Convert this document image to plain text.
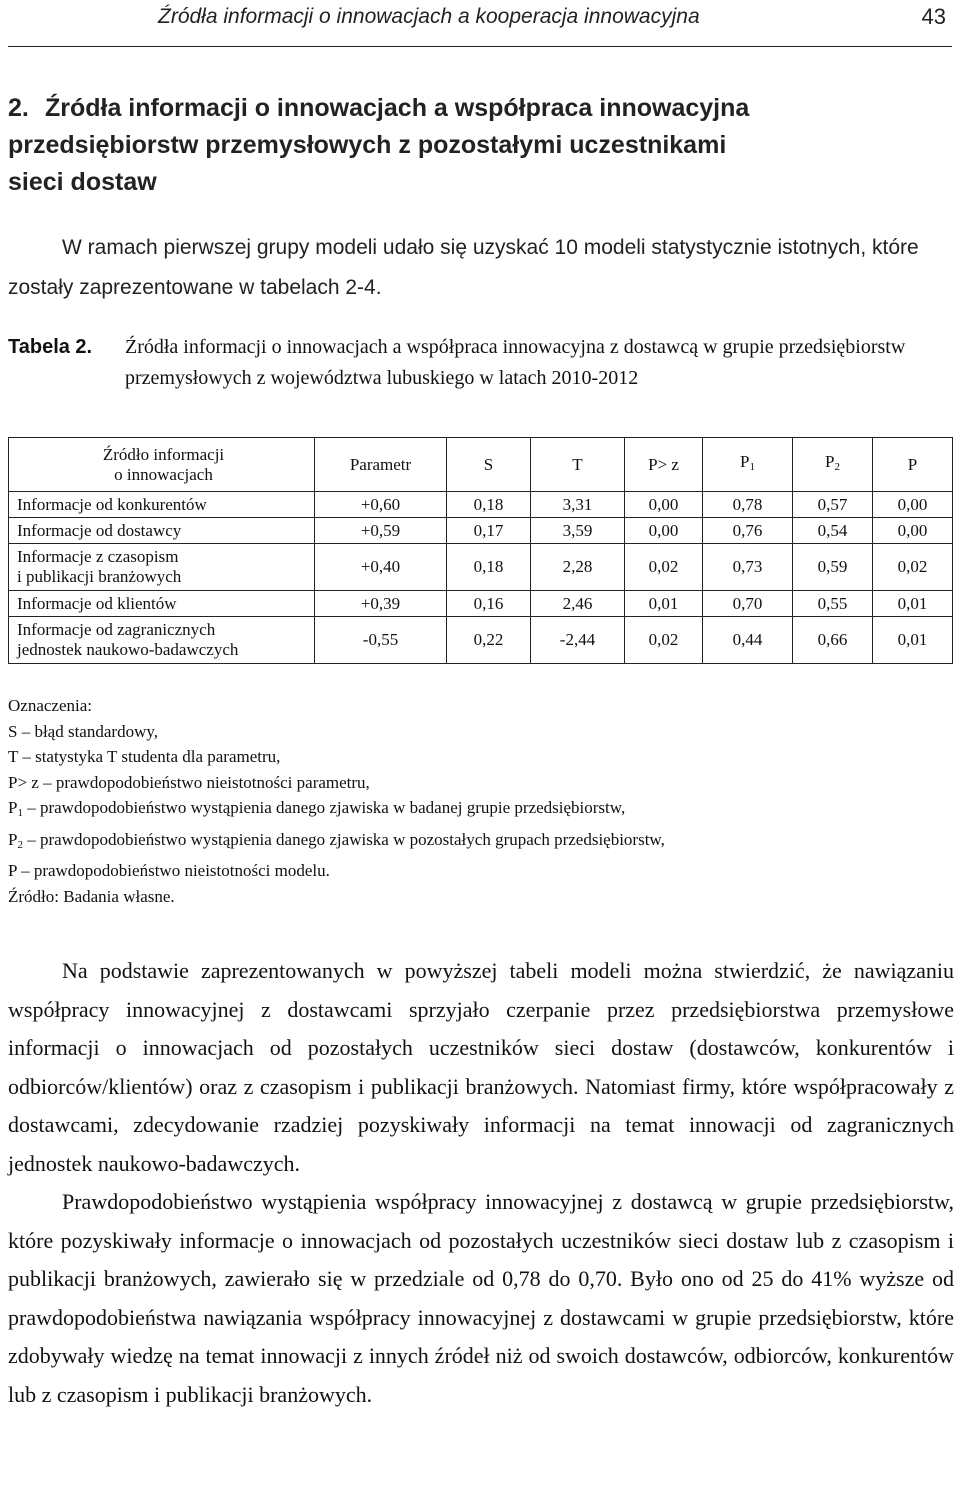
Źródła informacji o innowacjach a kooperacja innowacyjna	43
2. Źródła informacji o innowacjach a współpraca innowacyjna
przedsiębiorstw przemysłowych z pozostałymi uczestnikami
sieci dostaw
W ramach pierwszej grupy modeli udało się uzyskać 10 modeli statystycznie istotnych, które zostały zaprezentowane w tabelach 2-4.
Tabela 2. Źródła informacji o innowacjach a współpraca innowacyjna z dostawcą w grupie przedsiębiorstw przemysłowych z województwa lubuskiego w latach 2010-2012
Źródło informacji
o innowacjach	Parametr	S	T	P> z	$P_1$	$P_2$	P
Informacje od konkurentów	+0,60	0,18	3,31	0,00	0,78	0,57	0,00
Informacje od dostawcy	+0,59	0,17	3,59	0,00	0,76	0,54	0,00
Informacje z czasopism
i publikacji branżowych	+0,40	0,18	2,28	0,02	0,73	0,59	0,02
Informacje od klientów	+0,39	0,16	2,46	0,01	0,70	0,55	0,01
Informacje od zagranicznych
jednostek naukowo-badawczych	-0,55	0,22	-2,44	0,02	0,44	0,66	0,01
Oznaczenia:
S – błąd standardowy,
T – statystyka T studenta dla parametru,
P> z – prawdopodobieństwo nieistotności parametru,
$P_1$ – prawdopodobieństwo wystąpienia danego zjawiska w badanej grupie przedsiębiorstw,
$P_2$ – prawdopodobieństwo wystąpienia danego zjawiska w pozostałych grupach przedsiębiorstw,
P – prawdopodobieństwo nieistotności modelu.
Źródło: Badania własne.

Na podstawie zaprezentowanych w powyższej tabeli modeli można stwierdzić, że nawiązaniu współpracy innowacyjnej z dostawcami sprzyjało czerpanie przez przedsiębiorstwa przemysłowe informacji o innowacjach od pozostałych uczestników sieci dostaw (dostawców, konkurentów i odbiorców/klientów) oraz z czasopism i publikacji branżowych. Natomiast firmy, które współpracowały z dostawcami, zdecydowanie rzadziej pozyskiwały informacji na temat innowacji od zagranicznych jednostek naukowo-badawczych.

Prawdopodobieństwo wystąpienia współpracy innowacyjnej z dostawcą w grupie przedsiębiorstw, które pozyskiwały informacje o innowacjach od pozostałych uczestników sieci dostaw lub z czasopism i publikacji branżowych, zawierało się w przedziale od 0,78 do 0,70. Było ono od 25 do 41% wyższe od prawdopodobieństwa nawiązania współpracy innowacyjnej z dostawcami w grupie przedsiębiorstw, które zdobywały wiedzę na temat innowacji z innych źródeł niż od swoich dostawców, odbiorców, konkurentów lub z czasopism i publikacji branżowych.
